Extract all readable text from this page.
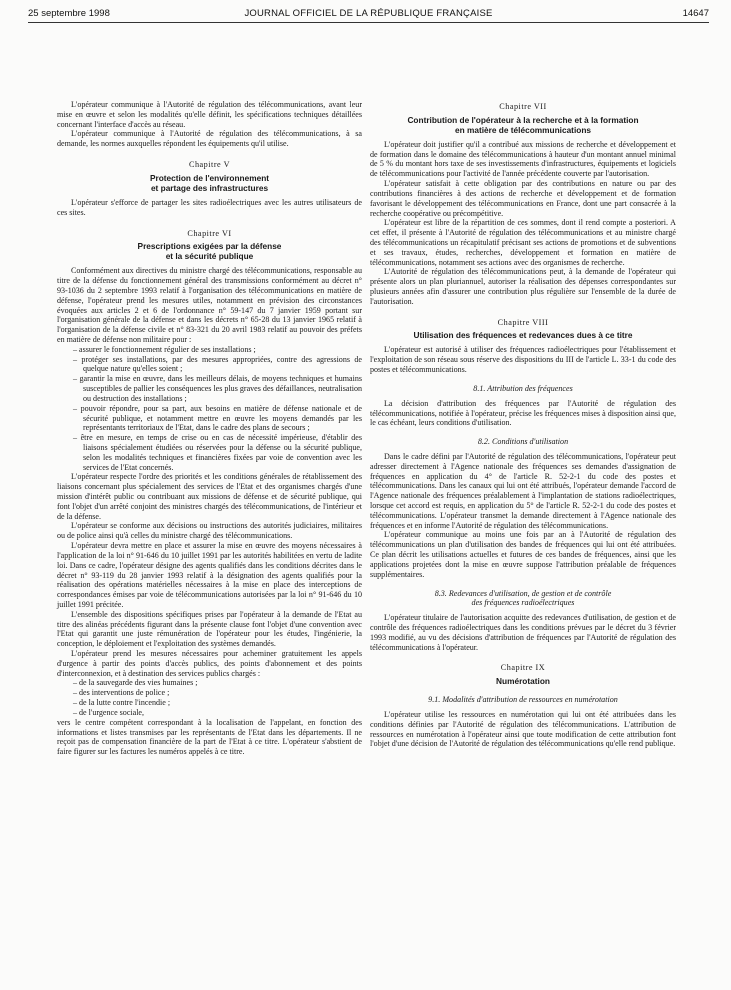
25 septembre 1998	JOURNAL OFFICIEL DE LA RÉPUBLIQUE FRANÇAISE	14647

L'opérateur communique à l'Autorité de régulation des télécommunications, avant leur mise en œuvre et selon les modalités qu'elle définit, les spécifications techniques détaillées concernant l'interface d'accès au réseau.

L'opérateur communique à l'Autorité de régulation des télécommunications, à sa demande, les normes auxquelles répondent les équipements qu'il utilise.

Chapitre V
Protection de l'environnement
et partage des infrastructures

L'opérateur s'efforce de partager les sites radioélectriques avec les autres utilisateurs de ces sites.

Chapitre VI
Prescriptions exigées par la défense
et la sécurité publique

Conformément aux directives du ministre chargé des télécommunications, responsable au titre de la défense du fonctionnement général des transmissions conformément au décret n° 93-1036 du 2 septembre 1993 relatif à l'organisation des télécommunications en matière de défense, l'opérateur prend les mesures utiles, notamment en prévision des circonstances évoquées aux articles 2 et 6 de l'ordonnance n° 59-147 du 7 janvier 1959 portant sur l'organisation générale de la défense et dans les décrets n° 65-28 du 13 janvier 1965 relatif à l'organisation de la défense civile et n° 83-321 du 20 avril 1983 relatif au pouvoir des préfets en matière de défense non militaire pour :

– assurer le fonctionnement régulier de ses installations ;
– protéger ses installations, par des mesures appropriées, contre des agressions de quelque nature qu'elles soient ;
– garantir la mise en œuvre, dans les meilleurs délais, de moyens techniques et humains susceptibles de pallier les conséquences les plus graves des défaillances, neutralisation ou destruction des installations ;
– pouvoir répondre, pour sa part, aux besoins en matière de défense nationale et de sécurité publique, et notamment mettre en œuvre les moyens demandés par les représentants territoriaux de l'Etat, dans le cadre des plans de secours ;
– être en mesure, en temps de crise ou en cas de nécessité impérieuse, d'établir des liaisons spécialement étudiées ou réservées pour la défense ou la sécurité publique, selon les modalités techniques et financières fixées par voie de convention avec les services de l'Etat concernés.

L'opérateur respecte l'ordre des priorités et les conditions générales de rétablissement des liaisons concernant plus spécialement des services de l'Etat et des organismes chargés d'une mission d'intérêt public ou contribuant aux missions de défense et de sécurité publique, qui font l'objet d'un arrêté conjoint des ministres chargés des télécommunications, de l'intérieur et de la défense.

L'opérateur se conforme aux décisions ou instructions des autorités judiciaires, militaires ou de police ainsi qu'à celles du ministre chargé des télécommunications.

L'opérateur devra mettre en place et assurer la mise en œuvre des moyens nécessaires à l'application de la loi n° 91-646 du 10 juillet 1991 par les autorités habilitées en vertu de ladite loi. Dans ce cadre, l'opérateur désigne des agents qualifiés dans les conditions décrites dans le décret n° 93-119 du 28 janvier 1993 relatif à la désignation des agents qualifiés pour la réalisation des opérations matérielles nécessaires à la mise en place des interceptions de correspondances émises par voie de télécommunications autorisées par la loi n° 91-646 du 10 juillet 1991 précitée.

L'ensemble des dispositions spécifiques prises par l'opérateur à la demande de l'Etat au titre des alinéas précédents figurant dans la présente clause font l'objet d'une convention avec l'Etat qui garantit une juste rémunération de l'opérateur pour les études, l'ingénierie, la conception, le déploiement et l'exploitation des systèmes demandés.

L'opérateur prend les mesures nécessaires pour acheminer gratuitement les appels d'urgence à partir des points d'accès publics, des points d'abonnement et des points d'interconnexion, et à destination des services publics chargés :

– de la sauvegarde des vies humaines ;
– des interventions de police ;
– de la lutte contre l'incendie ;
– de l'urgence sociale,

vers le centre compétent correspondant à la localisation de l'appelant, en fonction des informations et listes transmises par les représentants de l'Etat dans les départements. Il ne reçoit pas de compensation financière de la part de l'Etat à ce titre. L'opérateur s'abstient de faire figurer sur les factures les numéros appelés à ce titre.

Chapitre VII
Contribution de l'opérateur à la recherche et à la formation
en matière de télécommunications

L'opérateur doit justifier qu'il a contribué aux missions de recherche et développement et de formation dans le domaine des télécommunications à hauteur d'un montant annuel minimal de 5 % du montant hors taxe de ses investissements d'infrastructures, équipements et logiciels de télécommunications pour l'activité de l'année précédente couverte par l'autorisation.

L'opérateur satisfait à cette obligation par des contributions en nature ou par des contributions financières à des actions de recherche et développement et de formation favorisant le développement des télécommunications en France, dont une part consacrée à la recherche coopérative ou précompétitive.

L'opérateur est libre de la répartition de ces sommes, dont il rend compte a posteriori. A cet effet, il présente à l'Autorité de régulation des télécommunications et au ministre chargé des télécommunications un récapitulatif précisant ses actions de promotions et de subventions et ses travaux, études, recherches, développement et formation en matière de télécommunications, notamment ses actions avec des organismes de recherche.

L'Autorité de régulation des télécommunications peut, à la demande de l'opérateur qui présente alors un plan pluriannuel, autoriser la réalisation des dépenses correspondantes sur plusieurs années afin d'assurer une contribution plus régulière sur l'ensemble de la durée de l'autorisation.

Chapitre VIII
Utilisation des fréquences et redevances dues à ce titre

L'opérateur est autorisé à utiliser des fréquences radioélectriques pour l'établissement et l'exploitation de son réseau sous réserve des dispositions du III de l'article L. 33-1 du code des postes et télécommunications.

8.1. Attribution des fréquences

La décision d'attribution des fréquences par l'Autorité de régulation des télécommunications, notifiée à l'opérateur, précise les fréquences mises à disposition ainsi que, le cas échéant, leurs conditions d'utilisation.

8.2. Conditions d'utilisation

Dans le cadre défini par l'Autorité de régulation des télécommunications, l'opérateur peut adresser directement à l'Agence nationale des fréquences ses demandes d'assignation de fréquences en application du 4° de l'article R. 52-2-1 du code des postes et télécommunications. Dans les canaux qui lui ont été attribués, l'opérateur demande l'accord de l'Agence nationale des fréquences préalablement à l'implantation de stations radioélectriques, lorsque cet accord est requis, en application du 5° de l'article R. 52-2-1 du code des postes et télécommunications. L'opérateur transmet la demande directement à l'Agence nationale des fréquences et en informe l'Autorité de régulation des télécommunications.

L'opérateur communique au moins une fois par an à l'Autorité de régulation des télécommunications un plan d'utilisation des bandes de fréquences qui lui ont été attribuées. Ce plan décrit les utilisations actuelles et futures de ces bandes de fréquences, ainsi que les applications projetées dont la mise en œuvre suppose l'attribution préalable de fréquences supplémentaires.

8.3. Redevances d'utilisation, de gestion et de contrôle
des fréquences radioélectriques

L'opérateur titulaire de l'autorisation acquitte des redevances d'utilisation, de gestion et de contrôle des fréquences radioélectriques dans les conditions prévues par le décret du 3 février 1993 modifié, au vu des décisions d'attribution de fréquences par l'Autorité de régulation des télécommunications à l'opérateur.

Chapitre IX
Numérotation
9.1. Modalités d'attribution de ressources en numérotation

L'opérateur utilise les ressources en numérotation qui lui ont été attribuées dans les conditions définies par l'Autorité de régulation des télécommunications. L'attribution de ressources en numérotation à l'opérateur ainsi que toute modification de cette attribution font l'objet d'une décision de l'Autorité de régulation des télécommunications qu'elle rend publique.
